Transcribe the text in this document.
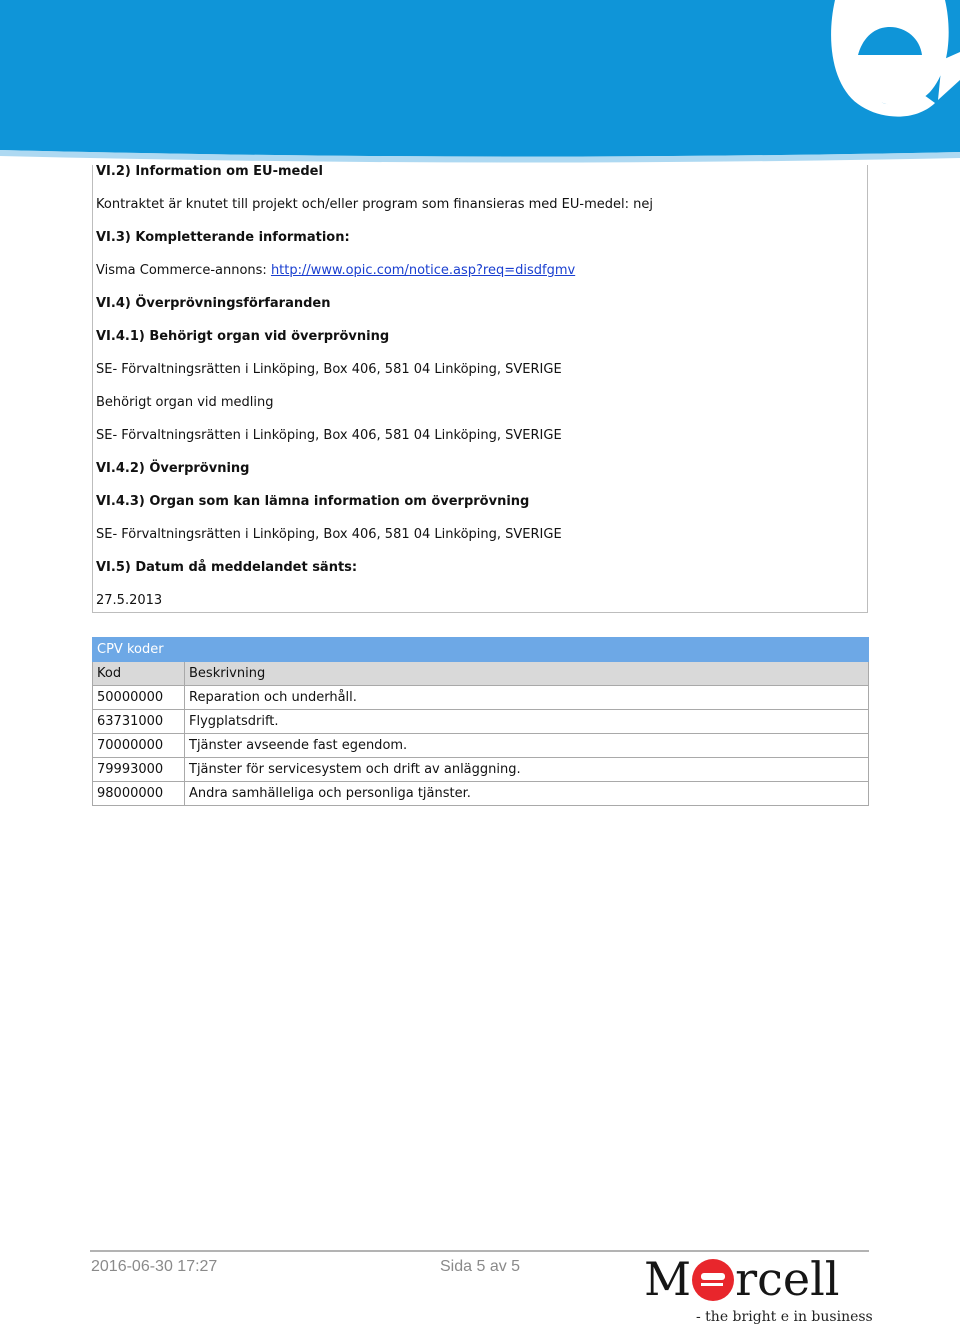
VI.2) Information om EU-medel
Kontraktet är knutet till projekt och/eller program som finansieras med EU-medel: nej
VI.3) Kompletterande information:
Visma Commerce-annons: http://www.opic.com/notice.asp?req=disdfgmv
VI.4) Överprövningsförfaranden
VI.4.1) Behörigt organ vid överprövning
SE- Förvaltningsrätten i Linköping, Box 406, 581 04 Linköping, SVERIGE
Behörigt organ vid medling
SE- Förvaltningsrätten i Linköping, Box 406, 581 04 Linköping, SVERIGE
VI.4.2) Överprövning
VI.4.3) Organ som kan lämna information om överprövning
SE- Förvaltningsrätten i Linköping, Box 406, 581 04 Linköping, SVERIGE
VI.5) Datum då meddelandet sänts:
27.5.2013
CPV koder	
Kod	Beskrivning
50000000	Reparation och underhåll.
63731000	Flygplatsdrift.
70000000	Tjänster avseende fast egendom.
79993000	Tjänster för servicesystem och drift av anläggning.
98000000	Andra samhälleliga och personliga tjänster.
2016-06-30 17:27	Sida 5 av 5	M rcell
- the bright e in business
